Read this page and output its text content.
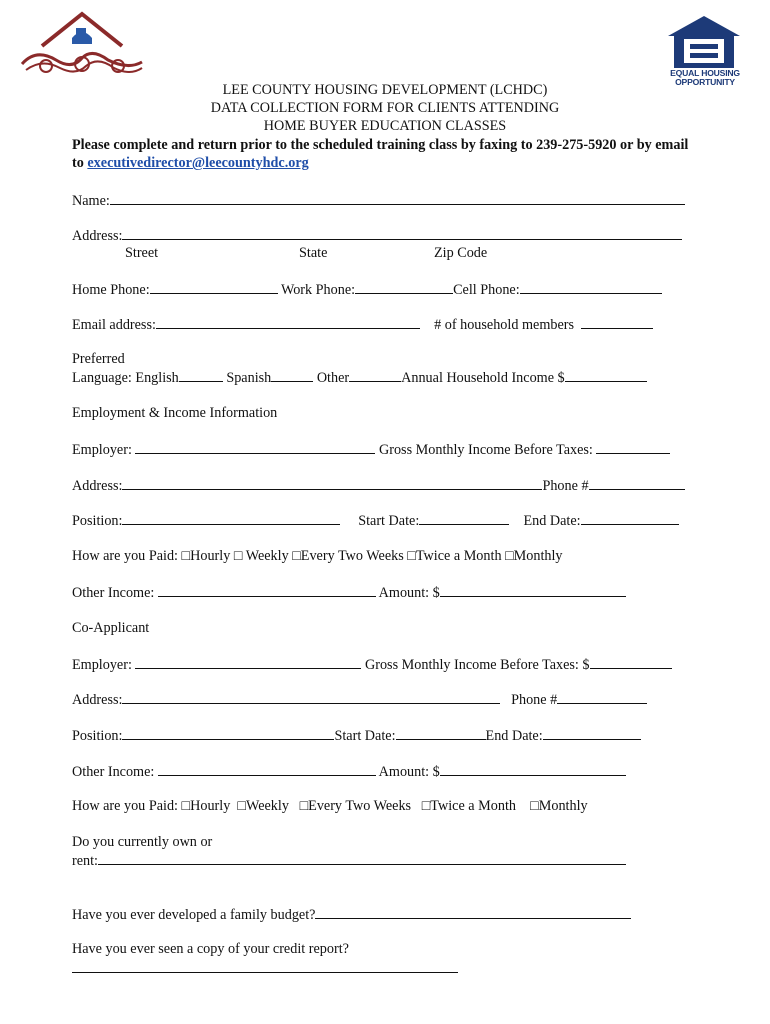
EQUAL HOUSING OPPORTUNITY
LEE COUNTY HOUSING DEVELOPMENT (LCHDC)
DATA COLLECTION FORM FOR CLIENTS ATTENDING
HOME BUYER EDUCATION CLASSES
Please complete and return prior to the scheduled training class by faxing to 239-275-5920 or by email to executivedirector@leecountyhdc.org
Name:
Address:
Street	State	Zip Code
Home Phone:	Work Phone:	Cell Phone:
Email address:	# of household members
Preferred
Language: English	Spanish	Other	Annual Household Income $
Employment & Income Information
Employer:	Gross Monthly Income Before Taxes:
Address:	Phone #
Position:	Start Date:	End Date:
How are you Paid: □Hourly □ Weekly □Every Two Weeks □Twice a Month □Monthly
Other Income:	Amount: $
Co-Applicant
Employer:	Gross Monthly Income Before Taxes: $
Address:	Phone #
Position:	Start Date:	End Date:
Other Income:	Amount: $
How are you Paid: □Hourly  □Weekly   □Every Two Weeks   □Twice a Month    □Monthly
Do you currently own or
rent:
Have you ever developed a family budget?
Have you ever seen a copy of your credit report?
